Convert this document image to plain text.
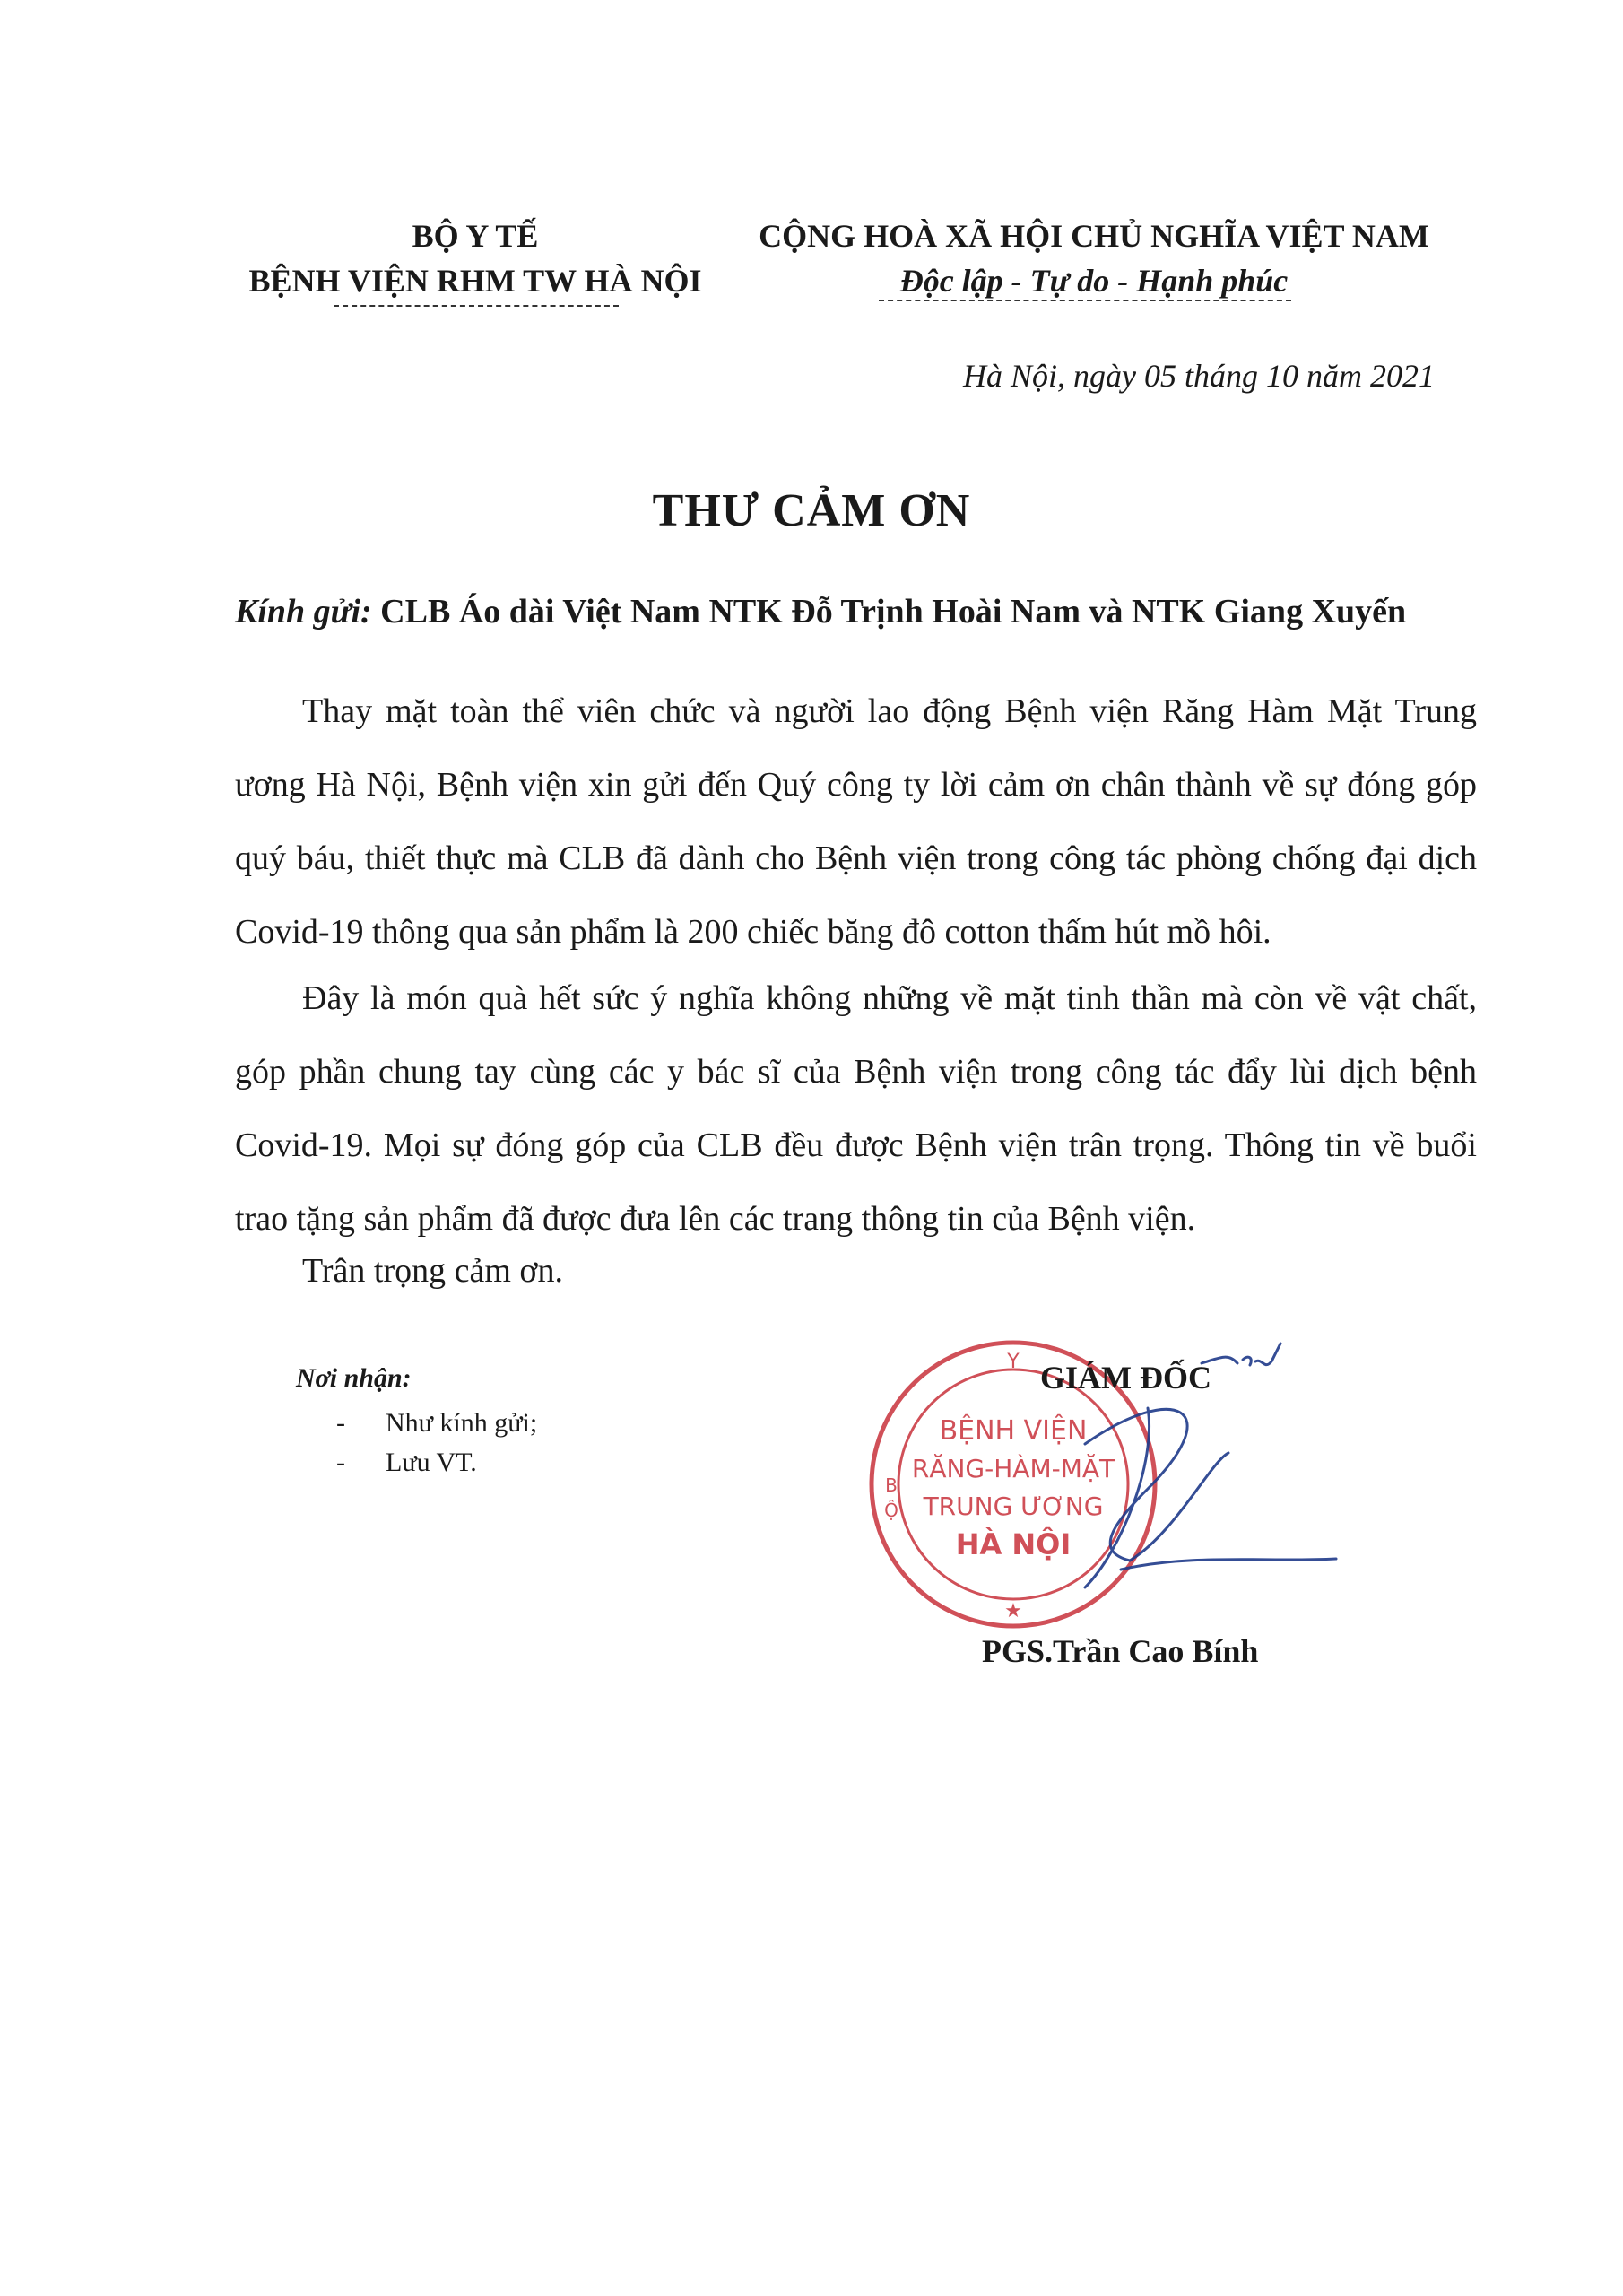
BỘ Y TẾ
BỆNH VIỆN RHM TW HÀ NỘI
CỘNG HOÀ XÃ HỘI CHỦ NGHĨA VIỆT NAM
Độc lập - Tự do - Hạnh phúc
Hà Nội, ngày 05 tháng 10 năm 2021
THƯ CẢM ƠN
Kính gửi: CLB Áo dài Việt Nam NTK Đỗ Trịnh Hoài Nam và NTK Giang Xuyến
Thay mặt toàn thể viên chức và người lao động Bệnh viện Răng Hàm Mặt Trung ương Hà Nội, Bệnh viện xin gửi đến Quý công ty lời cảm ơn chân thành về sự đóng góp quý báu, thiết thực mà CLB đã dành cho Bệnh viện trong công tác phòng chống đại dịch Covid-19 thông qua sản phẩm là 200 chiếc băng đô cotton thấm hút mồ hôi.
Đây là món quà hết sức ý nghĩa không những về mặt tinh thần mà còn về vật chất, góp phần chung tay cùng các y bác sĩ của Bệnh viện trong công tác đẩy lùi dịch bệnh Covid-19. Mọi sự đóng góp của CLB đều được Bệnh viện trân trọng. Thông tin về buổi trao tặng sản phẩm đã được đưa lên các trang thông tin của Bệnh viện.
Trân trọng cảm ơn.
Nơi nhận:
- Như kính gửi;
- Lưu VT.
Y
B
Ộ
★
BỆNH VIỆN
RĂNG-HÀM-MẶT
TRUNG ƯƠNG
HÀ NỘI
GIÁM ĐỐC
PGS.Trần Cao Bính
